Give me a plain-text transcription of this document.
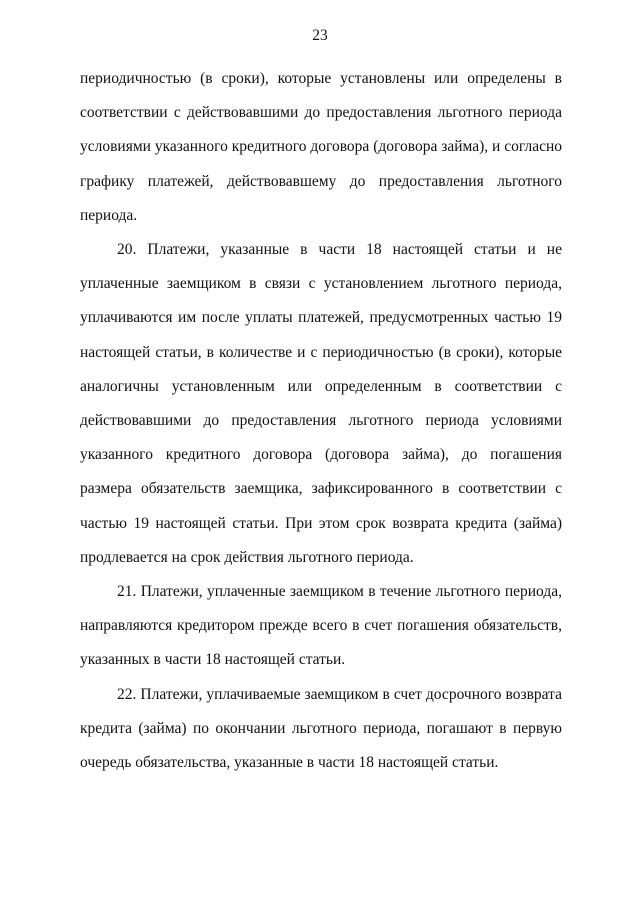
23

периодичностью (в сроки), которые установлены или определены в соответствии с действовавшими до предоставления льготного периода условиями указанного кредитного договора (договора займа), и согласно графику платежей, действовавшему до предоставления льготного периода.

20. Платежи, указанные в части 18 настоящей статьи и не уплаченные заемщиком в связи с установлением льготного периода, уплачиваются им после уплаты платежей, предусмотренных частью 19 настоящей статьи, в количестве и с периодичностью (в сроки), которые аналогичны установленным или определенным в соответствии с действовавшими до предоставления льготного периода условиями указанного кредитного договора (договора займа), до погашения размера обязательств заемщика, зафиксированного в соответствии с частью 19 настоящей статьи. При этом срок возврата кредита (займа) продлевается на срок действия льготного периода.

21. Платежи, уплаченные заемщиком в течение льготного периода, направляются кредитором прежде всего в счет погашения обязательств, указанных в части 18 настоящей статьи.

22. Платежи, уплачиваемые заемщиком в счет досрочного возврата кредита (займа) по окончании льготного периода, погашают в первую очередь обязательства, указанные в части 18 настоящей статьи.
